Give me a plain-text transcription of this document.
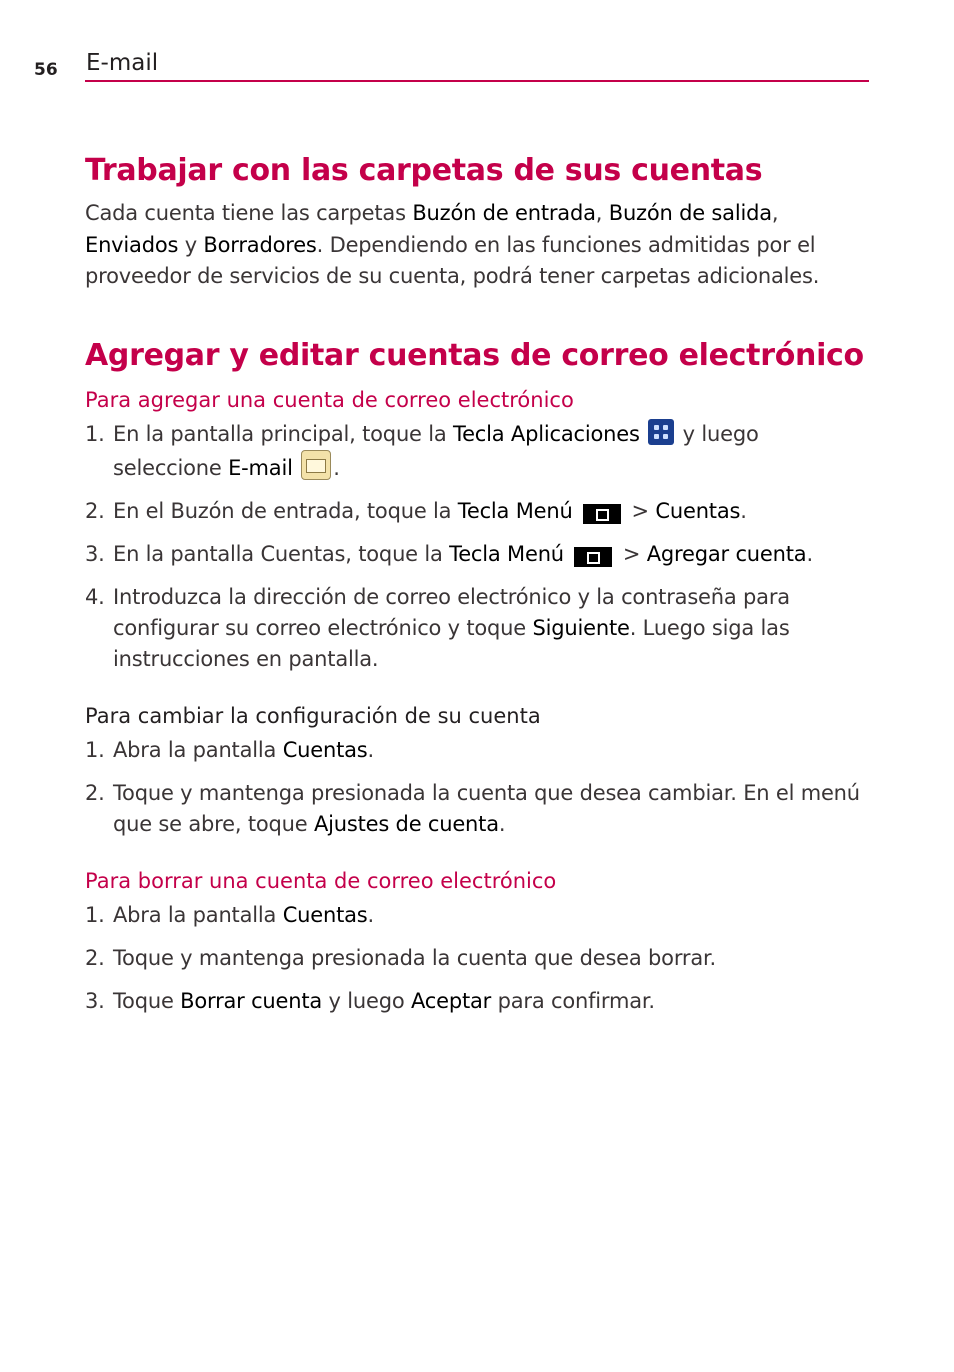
56 E-mail
Trabajar con las carpetas de sus cuentas

Cada cuenta tiene las carpetas Buzón de entrada, Buzón de salida, Enviados y Borradores. Dependiendo en las funciones admitidas por el proveedor de servicios de su cuenta, podrá tener carpetas adicionales.

Agregar y editar cuentas de correo electrónico
Para agregar una cuenta de correo electrónico
1. En la pantalla principal, toque la Tecla Aplicaciones
y luego seleccione E-mail .
2. En el Buzón de entrada, toque la Tecla Menú  > Cuentas.
3. En la pantalla Cuentas, toque la Tecla Menú  > Agregar cuenta.
4. Introduzca la dirección de correo electrónico y la contraseña para configurar su correo electrónico y toque Siguiente. Luego siga las instrucciones en pantalla.
Para cambiar la configuración de su cuenta
1. Abra la pantalla Cuentas.
2. Toque y mantenga presionada la cuenta que desea cambiar. En el menú que se abre, toque Ajustes de cuenta.
Para borrar una cuenta de correo electrónico
1. Abra la pantalla Cuentas.
2. Toque y mantenga presionada la cuenta que desea borrar.
3. Toque Borrar cuenta y luego Aceptar para confirmar.
